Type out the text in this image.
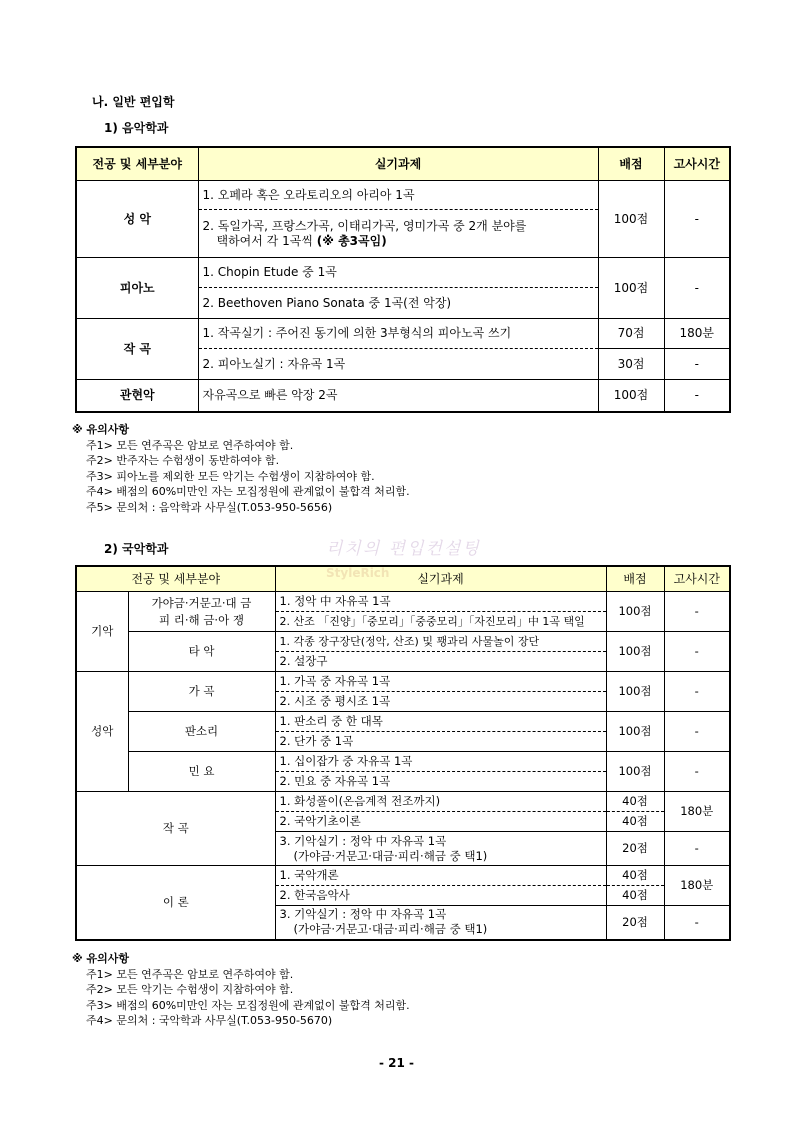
나. 일반 편입학
1) 음악학과
전공 및 세부분야	실기과제	배점	고사시간
성 악	1. 오페라 혹은 오라토리오의 아리아 1곡	100점	-

	2. 독일가곡, 프랑스가곡, 이태리가곡, 영미가곡 중 2개 분야를
택하여서 각 1곡씩 (※ 총3곡임)		

피아노	1. Chopin Etude 중 1곡	100점	-
	2. Beethoven Piano Sonata 중 1곡(전 악장)		
작 곡	1. 작곡실기 : 주어진 동기에 의한 3부형식의 피아노곡 쓰기	70점	180분
	2. 피아노실기 : 자유곡 1곡	30점	-
관현악	자유곡으로 빠른 악장 2곡	100점	-
※ 유의사항
주1> 모든 연주곡은 암보로 연주하여야 함.
주2> 반주자는 수험생이 동반하여야 함.
주3> 피아노를 제외한 모든 악기는 수험생이 지참하여야 함.
주4> 배점의 60%미만인 자는 모집정원에 관계없이 불합격 처리함.
주5> 문의처 : 음악학과 사무실(T.053-950-5656)
2) 국악학과
전공 및 세부분야		실기과제	배점	고사시간
기악	가야금·거문고·대 금
피 리·해 금·아 쟁	1. 정악 中 자유곡 1곡	100점	-
		2. 산조 「진양」「중모리」「중중모리」「자진모리」中 1곡 택일		
	타 악	1. 각종 장구장단(정악, 산조) 및 꽹과리 사물놀이 장단	100점	-
		2. 설장구		
성악	가 곡	1. 가곡 중 자유곡 1곡	100점	-
		2. 시조 중 평시조 1곡		
	판소리	1. 판소리 중 한 대목	100점	-
		2. 단가 중 1곡		
	민 요	1. 십이잡가 중 자유곡 1곡	100점	-
		2. 민요 중 자유곡 1곡		
작 곡		1. 화성풀이(온음계적 전조까지)	40점	180분
		2. 국악기초이론	40점	

		3. 기악실기 : 정악 中 자유곡 1곡
(가야금·거문고·대금·피리·해금 중 택1)	20점	-
이 론		1. 국악개론	40점	180분
		2. 한국음악사	40점	

		3. 기악실기 : 정악 中 자유곡 1곡
(가야금·거문고·대금·피리·해금 중 택1)	20점	-
리치의 편입컨설팅
StyleRich
※ 유의사항
주1> 모든 연주곡은 암보로 연주하여야 함.
주2> 모든 악기는 수험생이 지참하여야 함.
주3> 배점의 60%미만인 자는 모집정원에 관계없이 불합격 처리함.
주4> 문의처 : 국악학과 사무실(T.053-950-5670)
- 21 -
